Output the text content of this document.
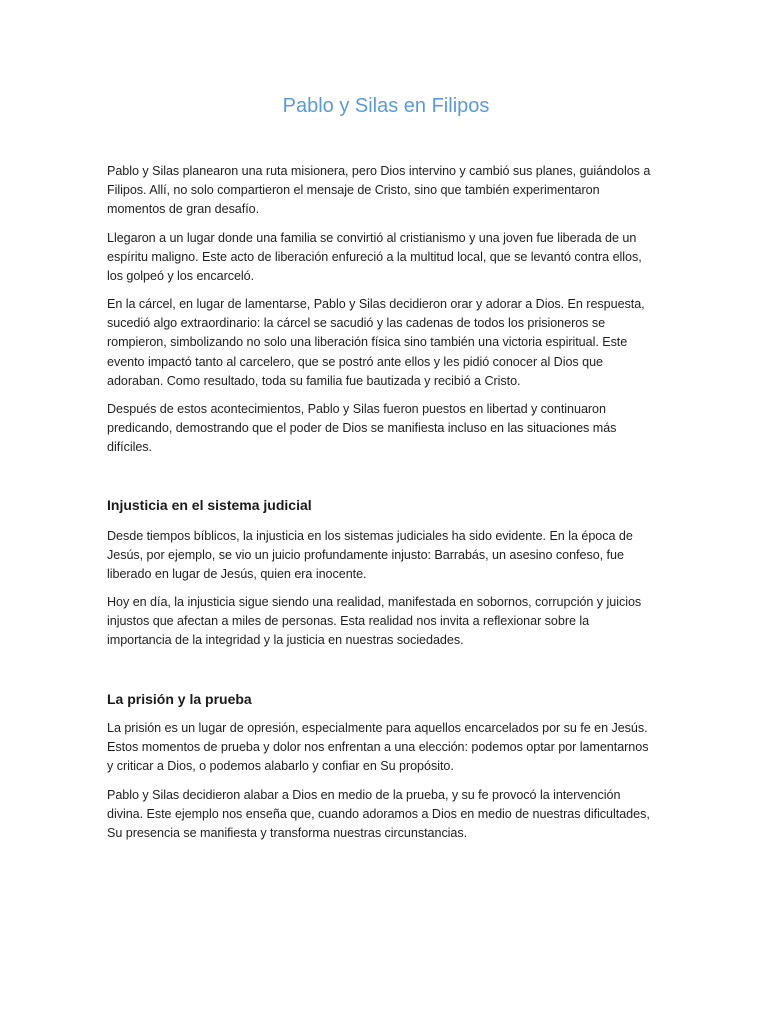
Pablo y Silas en Filipos

Pablo y Silas planearon una ruta misionera, pero Dios intervino y cambió sus planes, guiándolos a
Filipos. Allí, no solo compartieron el mensaje de Cristo, sino que también experimentaron
momentos de gran desafío.

Llegaron a un lugar donde una familia se convirtió al cristianismo y una joven fue liberada de un
espíritu maligno. Este acto de liberación enfureció a la multitud local, que se levantó contra ellos,
los golpeó y los encarceló.

En la cárcel, en lugar de lamentarse, Pablo y Silas decidieron orar y adorar a Dios. En respuesta,
sucedió algo extraordinario: la cárcel se sacudió y las cadenas de todos los prisioneros se
rompieron, simbolizando no solo una liberación física sino también una victoria espiritual. Este
evento impactó tanto al carcelero, que se postró ante ellos y les pidió conocer al Dios que
adoraban. Como resultado, toda su familia fue bautizada y recibió a Cristo.

Después de estos acontecimientos, Pablo y Silas fueron puestos en libertad y continuaron
predicando, demostrando que el poder de Dios se manifiesta incluso en las situaciones más
difíciles.

Injusticia en el sistema judicial

Desde tiempos bíblicos, la injusticia en los sistemas judiciales ha sido evidente. En la época de
Jesús, por ejemplo, se vio un juicio profundamente injusto: Barrabás, un asesino confeso, fue
liberado en lugar de Jesús, quien era inocente.

Hoy en día, la injusticia sigue siendo una realidad, manifestada en sobornos, corrupción y juicios
injustos que afectan a miles de personas. Esta realidad nos invita a reflexionar sobre la
importancia de la integridad y la justicia en nuestras sociedades.

La prisión y la prueba

La prisión es un lugar de opresión, especialmente para aquellos encarcelados por su fe en Jesús.
Estos momentos de prueba y dolor nos enfrentan a una elección: podemos optar por lamentarnos
y criticar a Dios, o podemos alabarlo y confiar en Su propósito.

Pablo y Silas decidieron alabar a Dios en medio de la prueba, y su fe provocó la intervención
divina. Este ejemplo nos enseña que, cuando adoramos a Dios en medio de nuestras dificultades,
Su presencia se manifiesta y transforma nuestras circunstancias.
